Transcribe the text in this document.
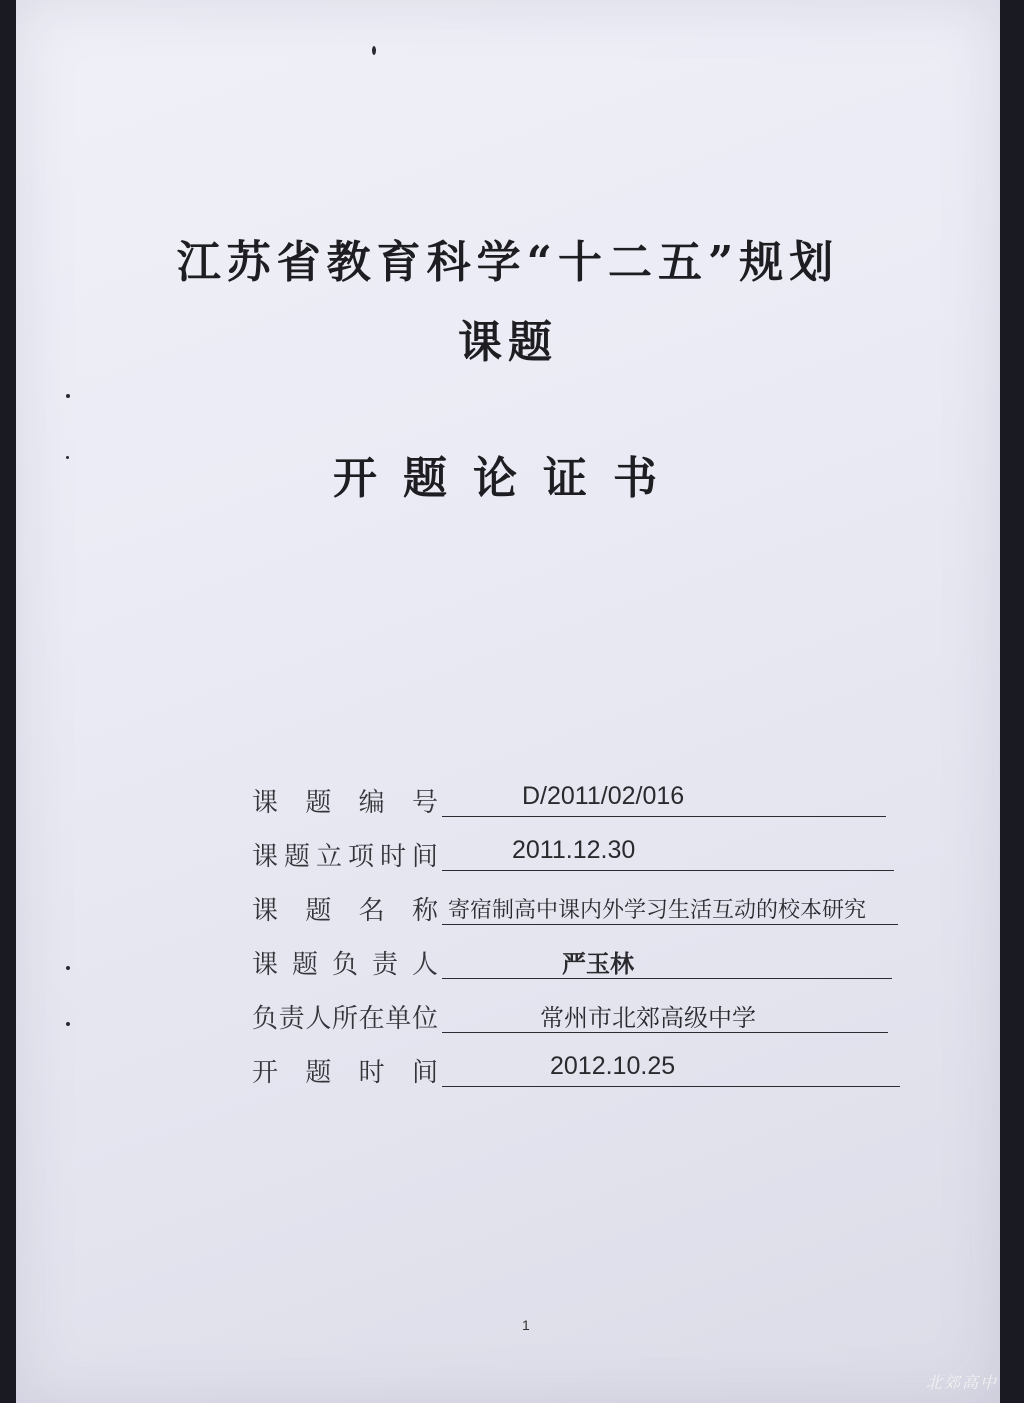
江苏省教育科学“十二五”规划
课题
开题论证书
课 题 编 号	D/2011/02/016
课 题 立 项 时 间	2011.12.30
课 题 名 称 寄宿制高中课内外学习生活互动的校本研究
课 题 负 责 人	严玉林
负 责 人 所 在 单 位	常州市北郊高级中学
开 题 时 间	2012.10.25
1
北郊高中
